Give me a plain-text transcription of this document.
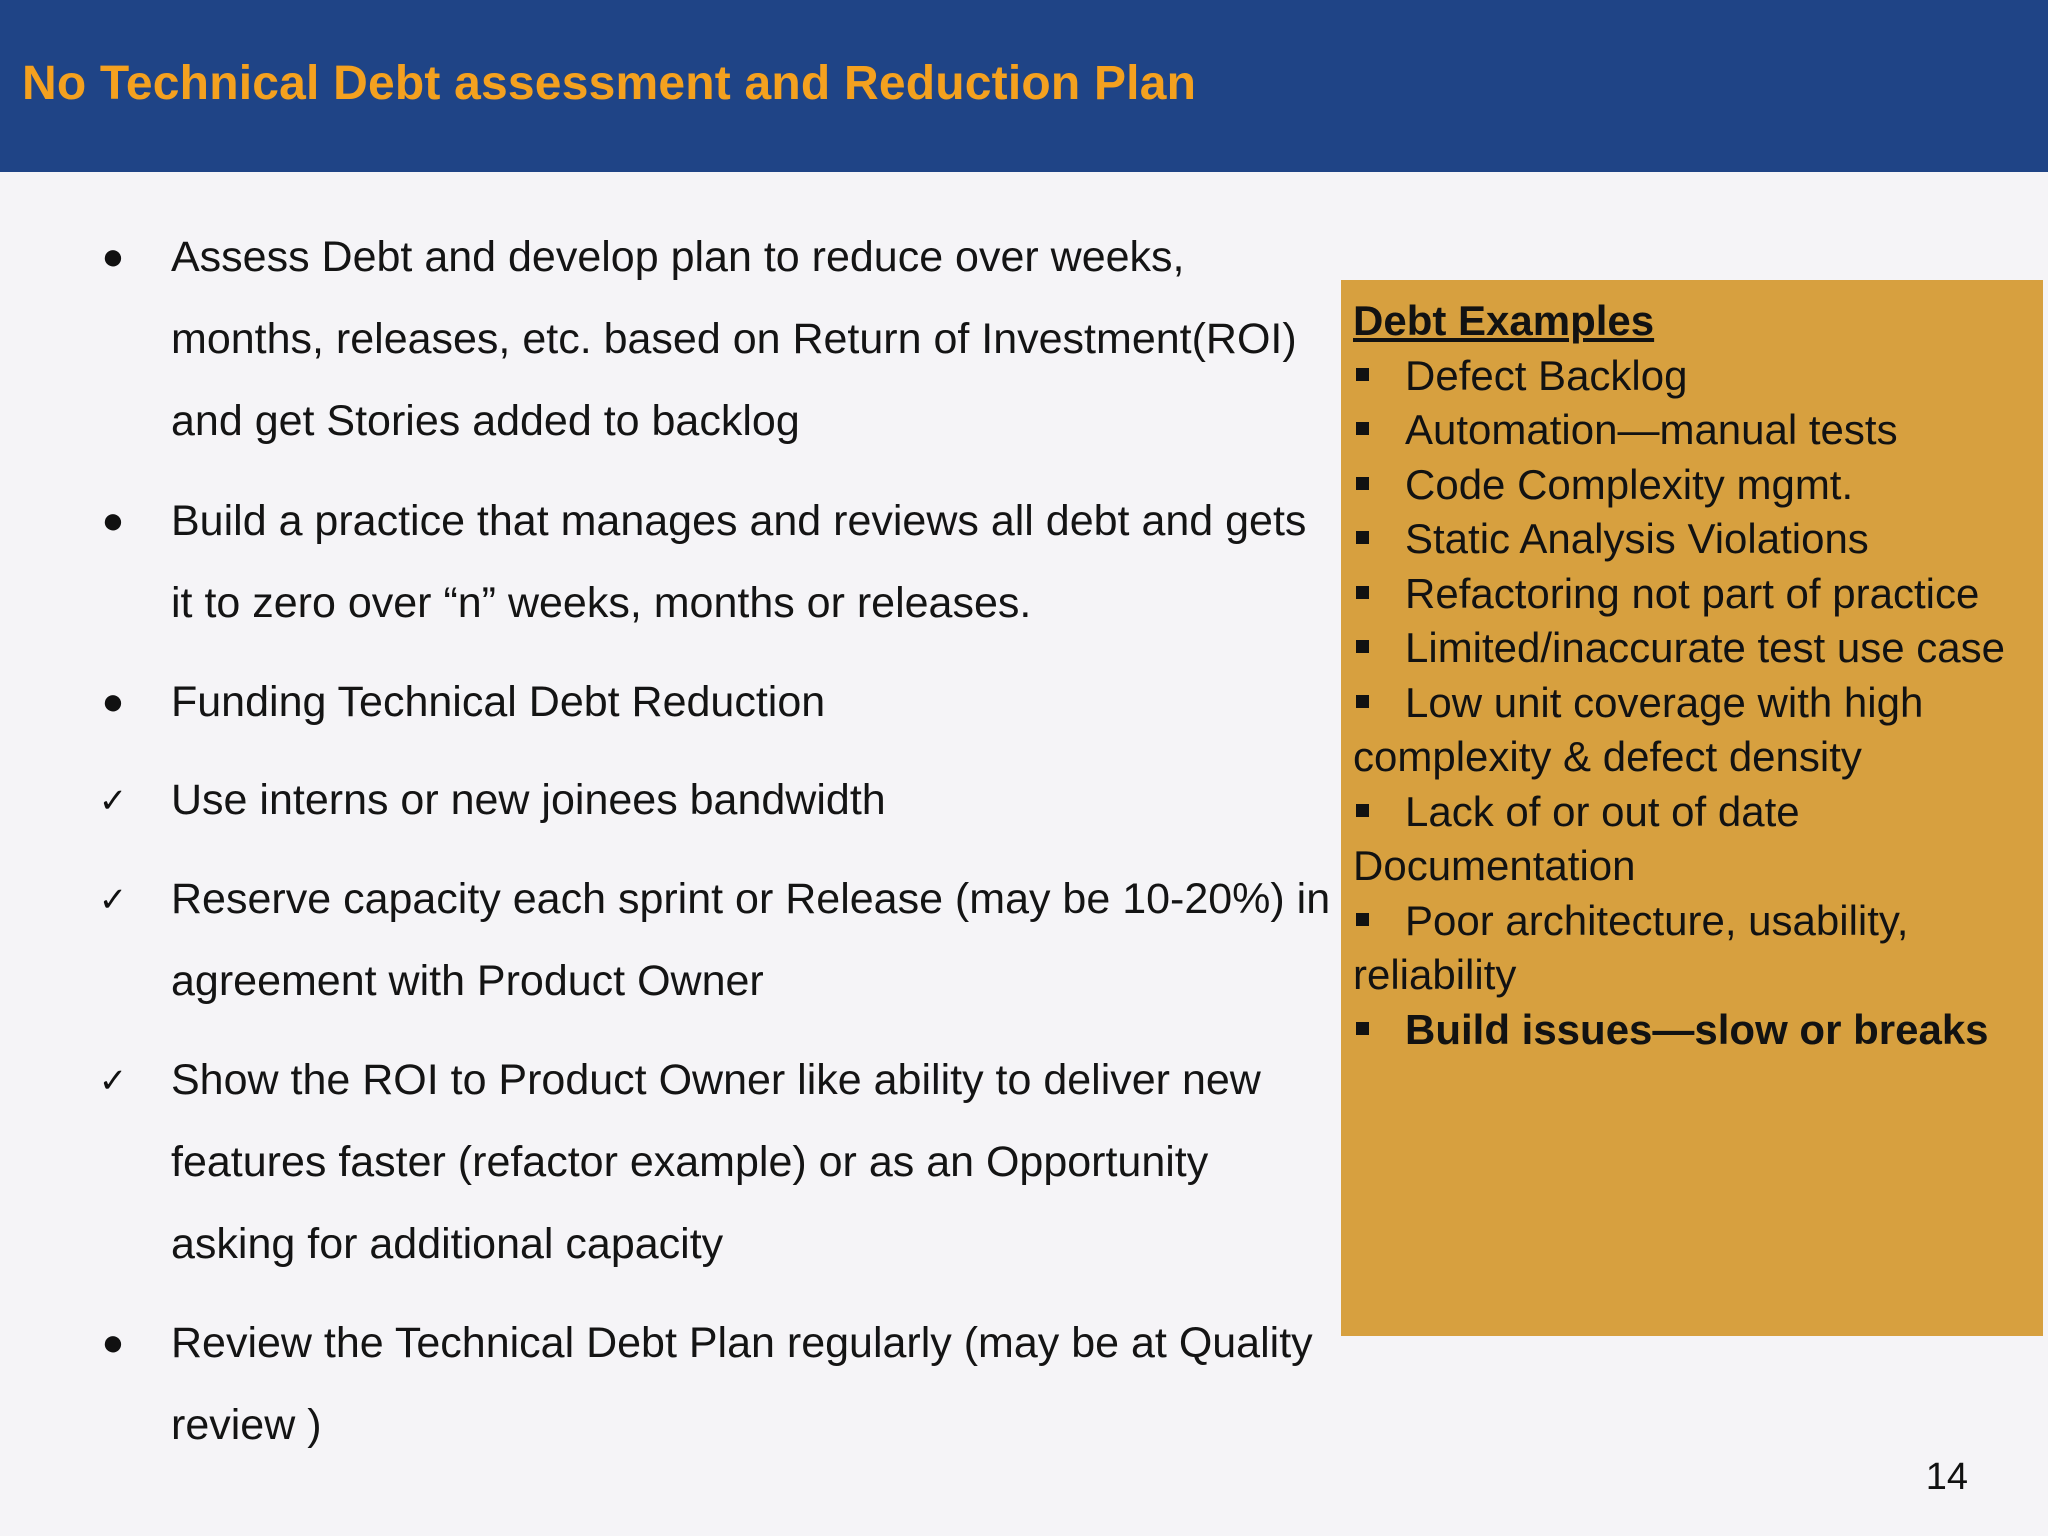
No Technical Debt assessment and Reduction Plan
● Assess Debt and develop plan to reduce over weeks, months, releases, etc. based on Return of Investment(ROI) and get Stories added to backlog
● Build a practice that manages and reviews all debt and gets it to zero over “n” weeks, months or releases.
● Funding Technical Debt Reduction
✓ Use interns or new joinees bandwidth
✓ Reserve capacity each sprint or Release (may be 10-20%) in agreement with Product Owner
✓ Show the ROI to Product Owner like ability to deliver new features faster (refactor example) or as an Opportunity asking for additional capacity
● Review the Technical Debt Plan regularly (may be at Quality review )
Debt Examples
Defect Backlog
Automation—manual tests
Code Complexity mgmt.
Static Analysis Violations
Refactoring not part of practice
Limited/inaccurate test use case
Low unit coverage with high complexity & defect density
Lack of or out of date Documentation
Poor architecture, usability, reliability
Build issues—slow or breaks
14
